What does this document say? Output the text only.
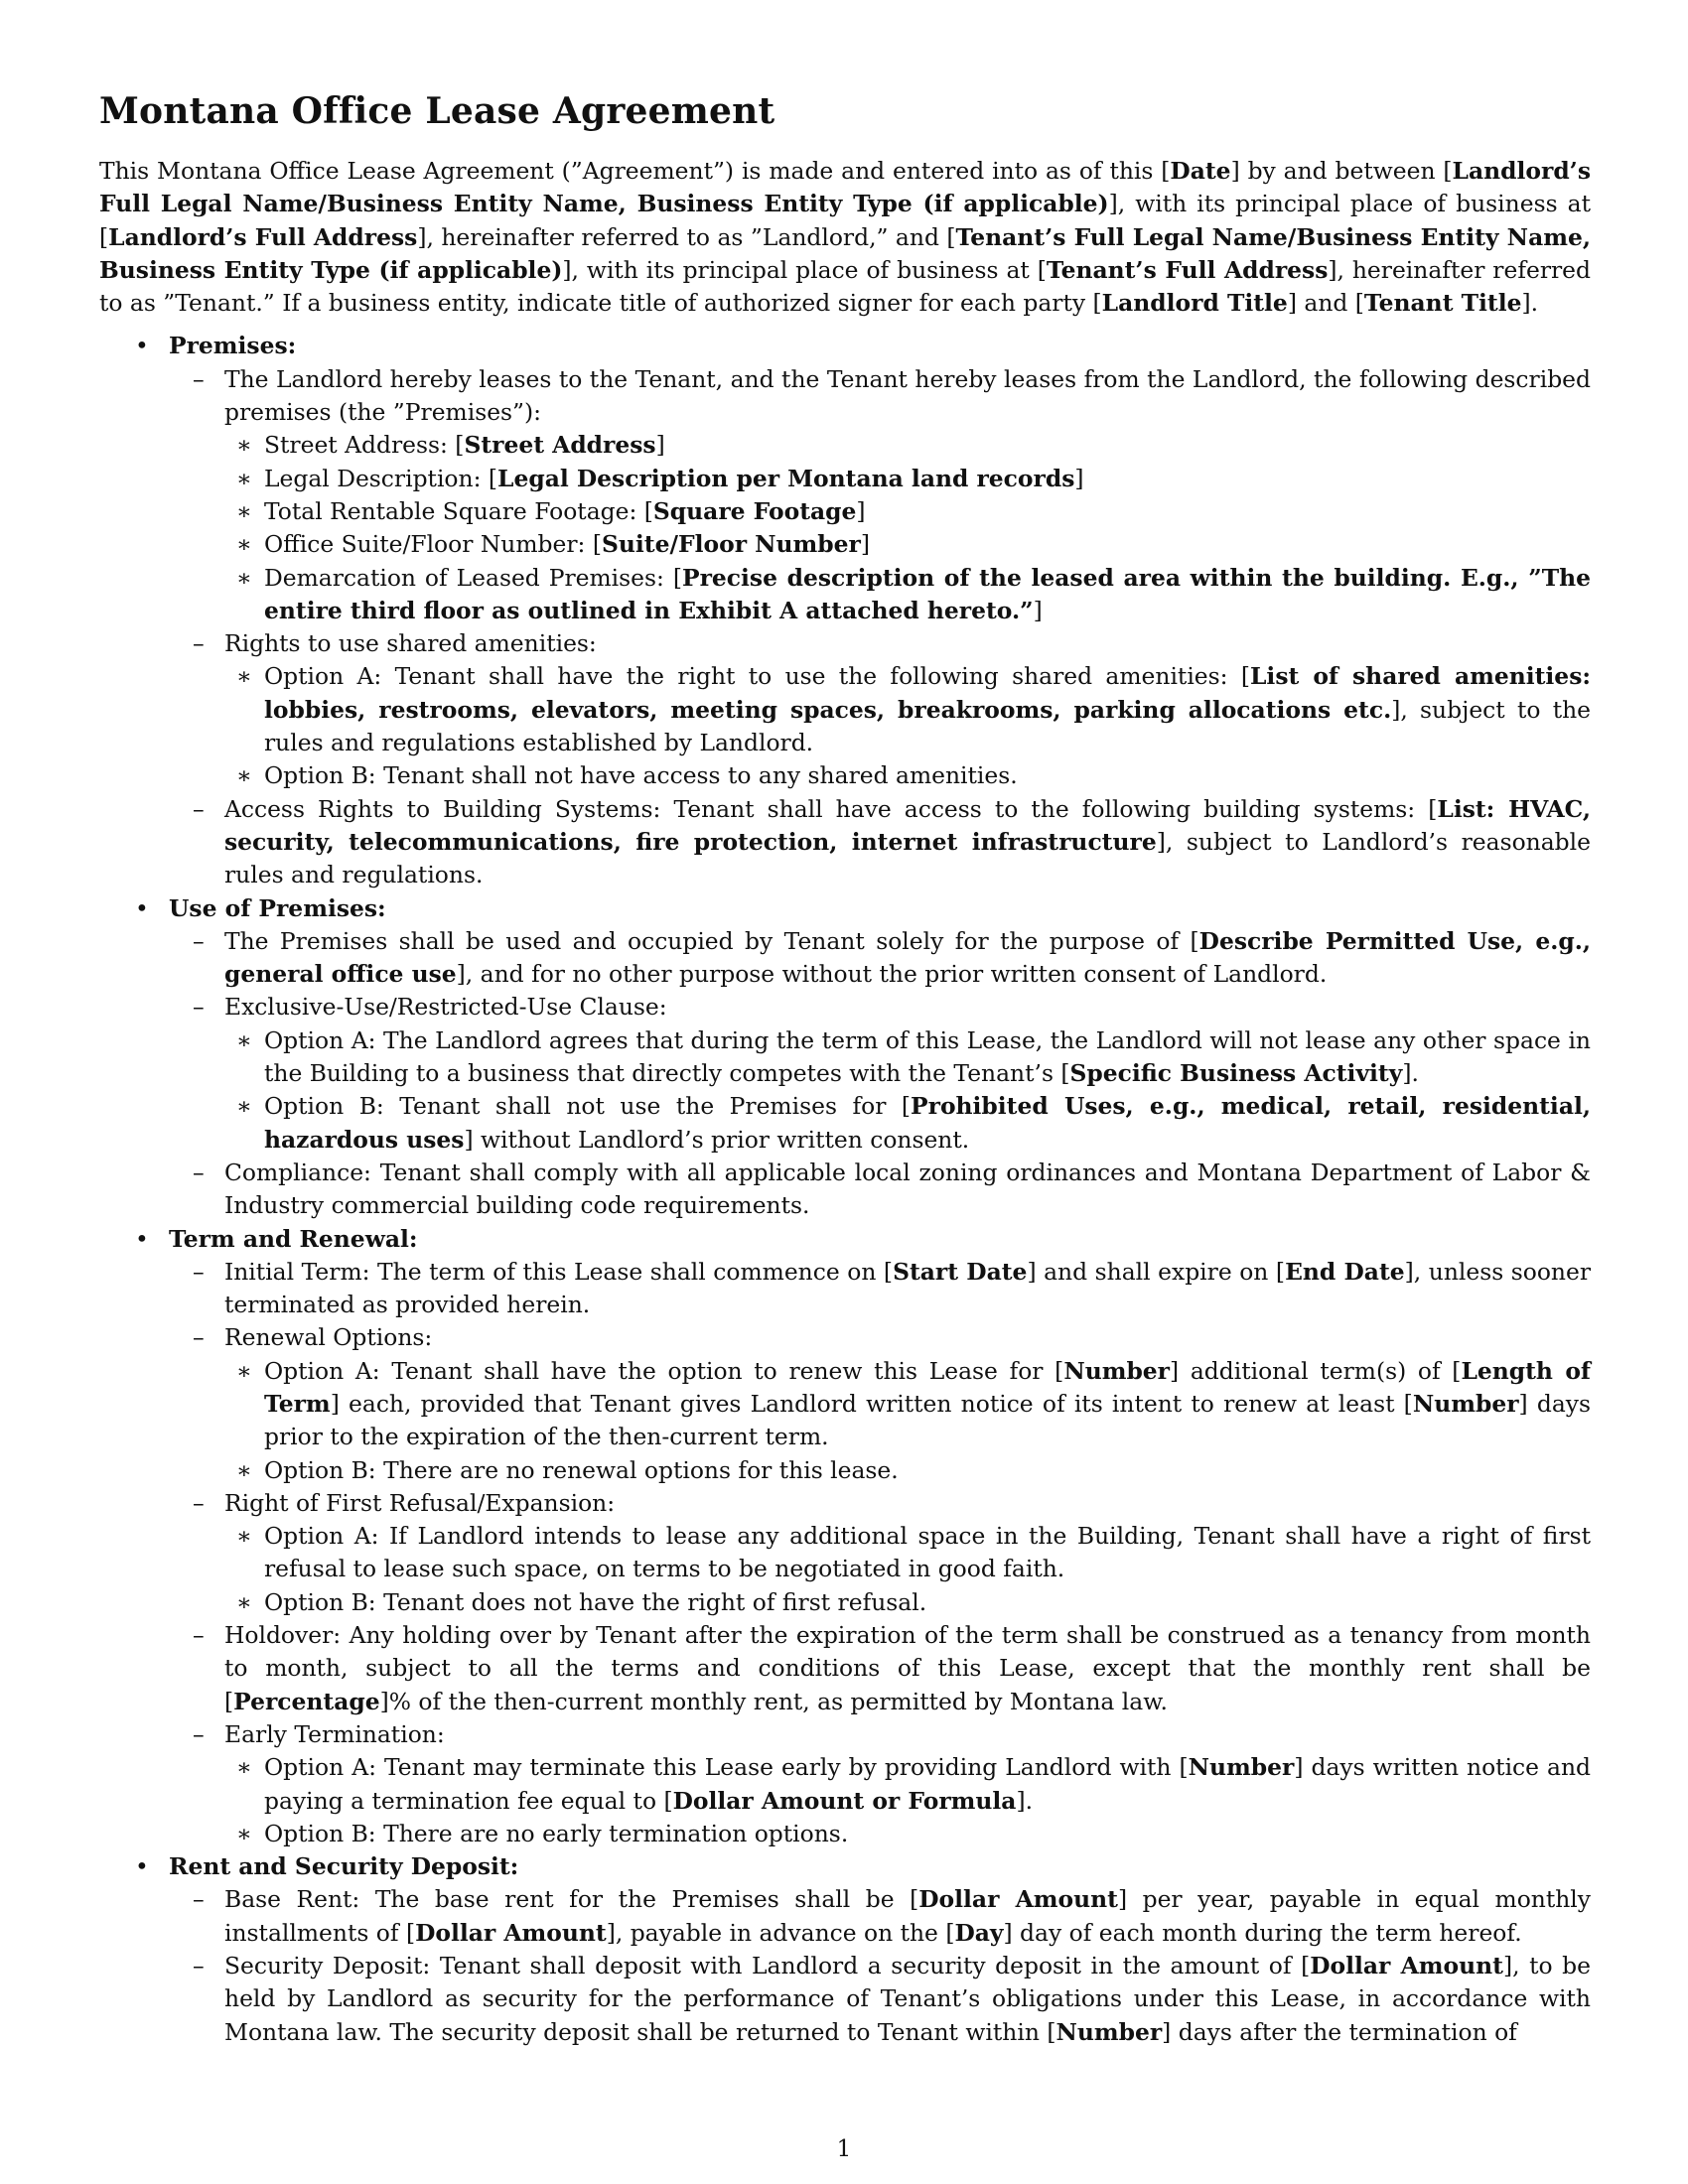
Montana Office Lease Agreement

This Montana Office Lease Agreement (”Agreement”) is made and entered into as of this [Date] by and between [Landlord’s Full Legal Name/Business Entity Name, Business Entity Type (if applicable)], with its principal place of business at [Landlord’s Full Address], hereinafter referred to as ”Landlord,” and [Tenant’s Full Legal Name/Business Entity Name, Business Entity Type (if applicable)], with its principal place of business at [Tenant’s Full Address], hereinafter referred to as ”Tenant.” If a business entity, indicate title of authorized signer for each party [Landlord Title] and [Tenant Title].

• Premises:
– The Landlord hereby leases to the Tenant, and the Tenant hereby leases from the Landlord, the following described premises (the ”Premises”):
∗ Street Address: [Street Address]
∗ Legal Description: [Legal Description per Montana land records]
∗ Total Rentable Square Footage: [Square Footage]
∗ Office Suite/Floor Number: [Suite/Floor Number]
∗ Demarcation of Leased Premises: [Precise description of the leased area within the building. E.g., ”The entire third floor as outlined in Exhibit A attached hereto.”]
– Rights to use shared amenities:
∗ Option A: Tenant shall have the right to use the following shared amenities: [List of shared amenities: lobbies, restrooms, elevators, meeting spaces, breakrooms, parking allocations etc.], subject to the rules and regulations established by Landlord.
∗ Option B: Tenant shall not have access to any shared amenities.
– Access Rights to Building Systems: Tenant shall have access to the following building systems: [List: HVAC, security, telecommunications, fire protection, internet infrastructure], subject to Landlord’s reasonable rules and regulations.
• Use of Premises:
– The Premises shall be used and occupied by Tenant solely for the purpose of [Describe Permitted Use, e.g., general office use], and for no other purpose without the prior written consent of Landlord.
– Exclusive-Use/Restricted-Use Clause:
∗ Option A: The Landlord agrees that during the term of this Lease, the Landlord will not lease any other space in the Building to a business that directly competes with the Tenant’s [Specific Business Activity].
∗ Option B: Tenant shall not use the Premises for [Prohibited Uses, e.g., medical, retail, residential, hazardous uses] without Landlord’s prior written consent.
– Compliance: Tenant shall comply with all applicable local zoning ordinances and Montana Department of Labor & Industry commercial building code requirements.
• Term and Renewal:
– Initial Term: The term of this Lease shall commence on [Start Date] and shall expire on [End Date], unless sooner terminated as provided herein.
– Renewal Options:
∗ Option A: Tenant shall have the option to renew this Lease for [Number] additional term(s) of [Length of Term] each, provided that Tenant gives Landlord written notice of its intent to renew at least [Number] days prior to the expiration of the then-current term.
∗ Option B: There are no renewal options for this lease.
– Right of First Refusal/Expansion:
∗ Option A: If Landlord intends to lease any additional space in the Building, Tenant shall have a right of first refusal to lease such space, on terms to be negotiated in good faith.
∗ Option B: Tenant does not have the right of first refusal.
– Holdover: Any holding over by Tenant after the expiration of the term shall be construed as a tenancy from month to month, subject to all the terms and conditions of this Lease, except that the monthly rent shall be [Percentage]% of the then-current monthly rent, as permitted by Montana law.
– Early Termination:
∗ Option A: Tenant may terminate this Lease early by providing Landlord with [Number] days written notice and paying a termination fee equal to [Dollar Amount or Formula].
∗ Option B: There are no early termination options.
• Rent and Security Deposit:
– Base Rent: The base rent for the Premises shall be [Dollar Amount] per year, payable in equal monthly installments of [Dollar Amount], payable in advance on the [Day] day of each month during the term hereof.
– Security Deposit: Tenant shall deposit with Landlord a security deposit in the amount of [Dollar Amount], to be held by Landlord as security for the performance of Tenant’s obligations under this Lease, in accordance with Montana law. The security deposit shall be returned to Tenant within [Number] days after the termination of
1
